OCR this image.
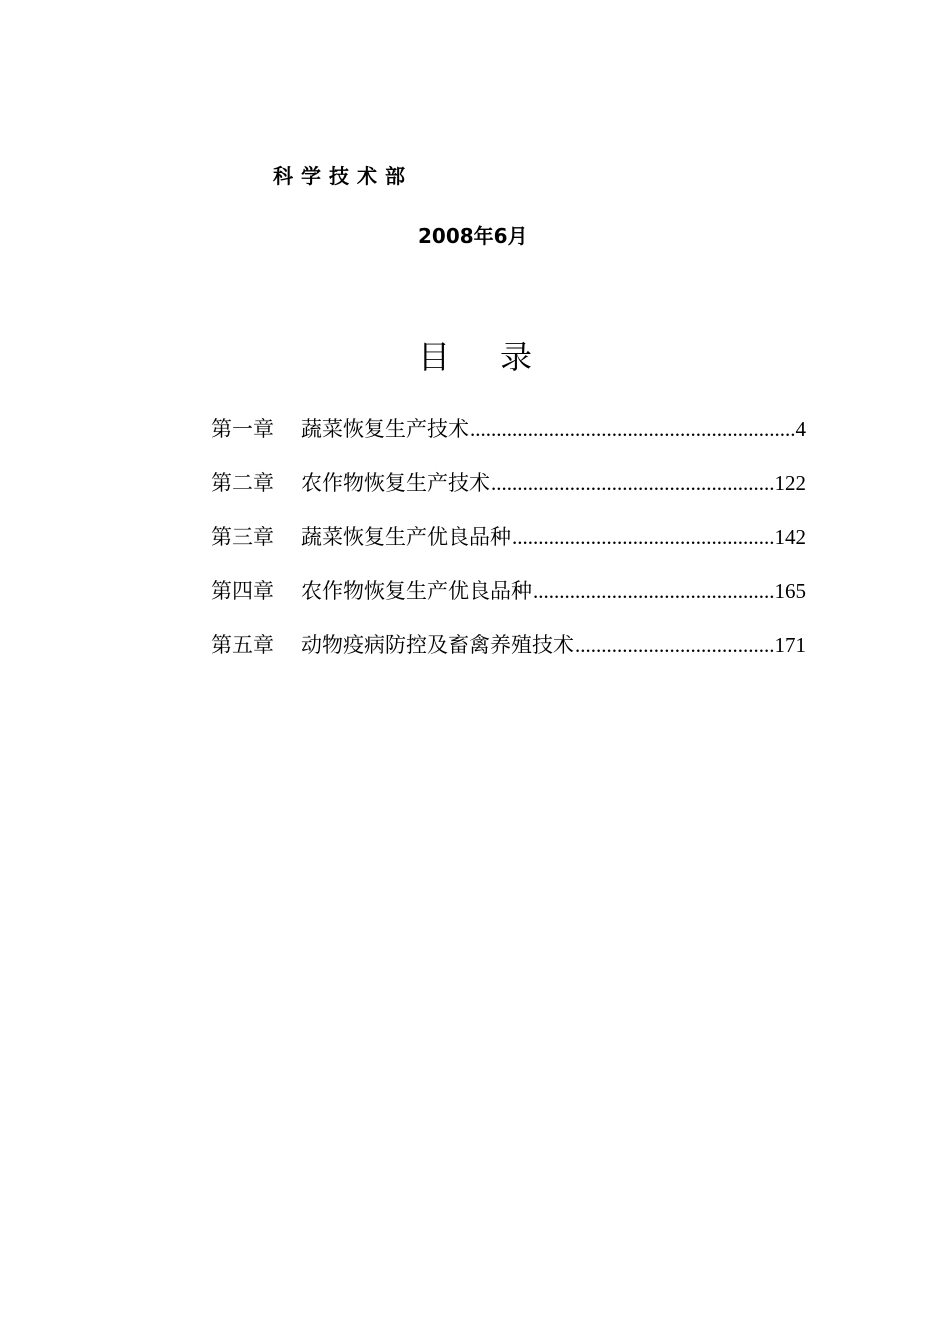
科学技术部
2008年6月
目录
第一章	蔬菜恢复生产技术 .....	4
第二章	农作物恢复生产技术 .....	122
第三章	蔬菜恢复生产优良品种 .....	142
第四章	农作物恢复生产优良品种 .....	165
第五章	动物疫病防控及畜禽养殖技术 .....	171
